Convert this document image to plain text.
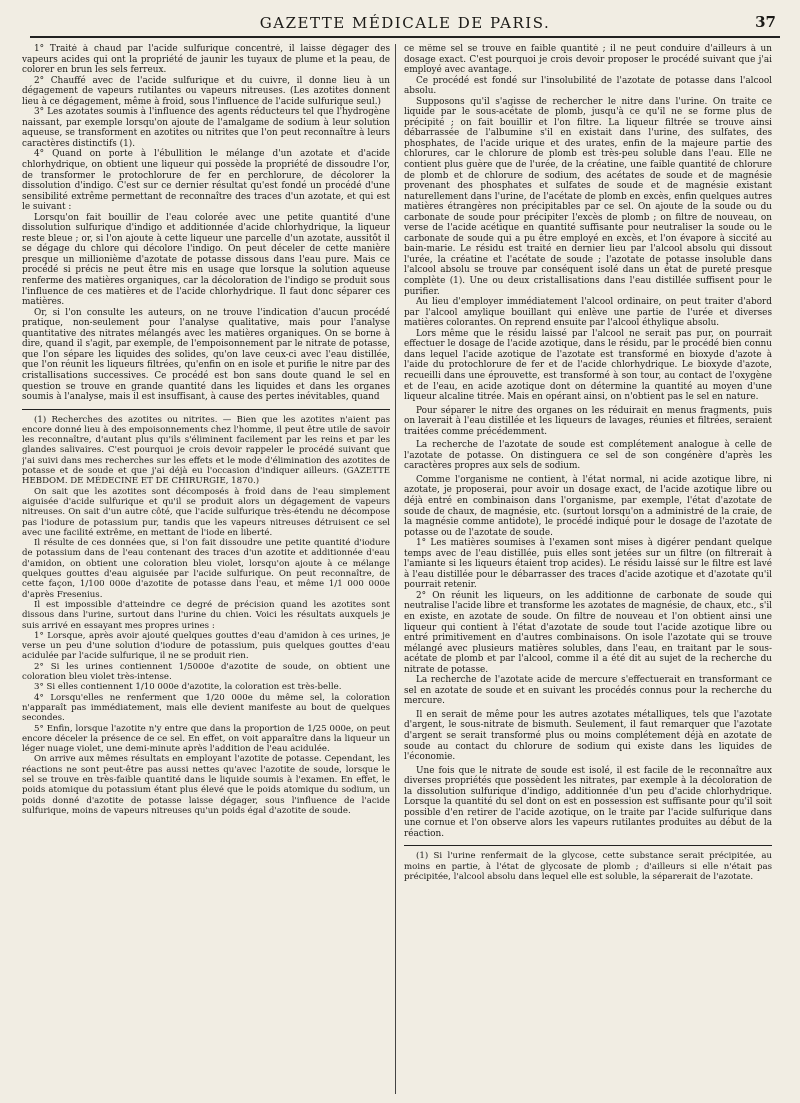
GAZETTE MÉDICALE DE PARIS.	37

1° Traité à chaud par l'acide sulfurique concentré, il laisse dégager des vapeurs acides qui ont la propriété de jaunir les tuyaux de plume et la peau, de colorer en brun les sels ferreux.

2° Chauffé avec de l'acide sulfurique et du cuivre, il donne lieu à un dégagement de vapeurs rutilantes ou vapeurs nitreuses. (Les azotites donnent lieu à ce dégagement, même à froid, sous l'influence de l'acide sulfurique seul.)

3° Les azotates soumis à l'influence des agents réducteurs tel que l'hydrogène naissant, par exemple lorsqu'on ajoute de l'amalgame de sodium à leur solution aqueuse, se transforment en azotites ou nitrites que l'on peut reconnaître à leurs caractères distinctifs (1).

4° Quand on porte à l'ébullition le mélange d'un azotate et d'acide chlorhydrique, on obtient une liqueur qui possède la propriété de dissoudre l'or, de transformer le protochlorure de fer en perchlorure, de décolorer la dissolution d'indigo. C'est sur ce dernier résultat qu'est fondé un procédé d'une sensibilité extrême permettant de reconnaître des traces d'un azotate, et qui est le suivant :

Lorsqu'on fait bouillir de l'eau colorée avec une petite quantité d'une dissolution sulfurique d'indigo et additionnée d'acide chlorhydrique, la liqueur reste bleue ; or, si l'on ajoute à cette liqueur une parcelle d'un azotate, aussitôt il se dégage du chlore qui décolore l'indigo. On peut déceler de cette manière presque un millionième d'azotate de potasse dissous dans l'eau pure. Mais ce procédé si précis ne peut être mis en usage que lorsque la solution aqueuse renferme des matières organiques, car la décoloration de l'indigo se produit sous l'influence de ces matières et de l'acide chlorhydrique. Il faut donc séparer ces matières.

Or, si l'on consulte les auteurs, on ne trouve l'indication d'aucun procédé pratique, non-seulement pour l'analyse qualitative, mais pour l'analyse quantitative des nitrates mélangés avec les matières organiques. On se borne à dire, quand il s'agit, par exemple, de l'empoisonnement par le nitrate de potasse, que l'on sépare les liquides des solides, qu'on lave ceux-ci avec l'eau distillée, que l'on réunit les liqueurs filtrées, qu'enfin on en isole et purifie le nitre par des cristallisations successives. Ce procédé est bon sans doute quand le sel en question se trouve en grande quantité dans les liquides et dans les organes soumis à l'analyse, mais il est insuffisant, à cause des pertes inévitables, quand

(1) Recherches des azotites ou nitrites. — Bien que les azotites n'aient pas encore donné lieu à des empoisonnements chez l'homme, il peut être utile de savoir les reconnaître, d'autant plus qu'ils s'éliminent facilement par les reins et par les glandes salivaires. C'est pourquoi je crois devoir rappeler le procédé suivant que j'ai suivi dans mes recherches sur les effets et le mode d'élimination des azotites de potasse et de soude et que j'ai déjà eu l'occasion d'indiquer ailleurs. (GAZETTE HEBDOM. DE MÉDECINE ET DE CHIRURGIE, 1870.)

On sait que les azotites sont décomposés à froid dans de l'eau simplement aiguisée d'acide sulfurique et qu'il se produit alors un dégagement de vapeurs nitreuses. On sait d'un autre côté, que l'acide sulfurique très-étendu ne décompose pas l'iodure de potassium pur, tandis que les vapeurs nitreuses détruisent ce sel avec une facilité extrême, en mettant de l'iode en liberté.

Il résulte de ces données que, si l'on fait dissoudre une petite quantité d'iodure de potassium dans de l'eau contenant des traces d'un azotite et additionnée d'eau d'amidon, on obtient une coloration bleu violet, lorsqu'on ajoute à ce mélange quelques gouttes d'eau aiguisée par l'acide sulfurique. On peut reconnaître, de cette façon, 1/100 000e d'azotite de potasse dans l'eau, et même 1/1 000 000e d'après Fresenius.

Il est impossible d'atteindre ce degré de précision quand les azotites sont dissous dans l'urine, surtout dans l'urine du chien. Voici les résultats auxquels je suis arrivé en essayant mes propres urines :

1° Lorsque, après avoir ajouté quelques gouttes d'eau d'amidon à ces urines, je verse un peu d'une solution d'iodure de potassium, puis quelques gouttes d'eau acidulée par l'acide sulfurique, il ne se produit rien.

2° Si les urines contiennent 1/5000e d'azotite de soude, on obtient une coloration bleu violet très-intense.

3° Si elles contiennent 1/10 000e d'azotite, la coloration est très-belle.

4° Lorsqu'elles ne renferment que 1/20 000e du même sel, la coloration n'apparaît pas immédiatement, mais elle devient manifeste au bout de quelques secondes.

5° Enfin, lorsque l'azotite n'y entre que dans la proportion de 1/25 000e, on peut encore déceler la présence de ce sel. En effet, on voit apparaître dans la liqueur un léger nuage violet, une demi-minute après l'addition de l'eau acidulée.

On arrive aux mêmes résultats en employant l'azotite de potasse. Cependant, les réactions ne sont peut-être pas aussi nettes qu'avec l'azotite de soude, lorsque le sel se trouve en très-faible quantité dans le liquide soumis à l'examen. En effet, le poids atomique du potassium étant plus élevé que le poids atomique du sodium, un poids donné d'azotite de potasse laisse dégager, sous l'influence de l'acide sulfurique, moins de vapeurs nitreuses qu'un poids égal d'azotite de soude.

ce même sel se trouve en faible quantité ; il ne peut conduire d'ailleurs à un dosage exact. C'est pourquoi je crois devoir proposer le procédé suivant que j'ai employé avec avantage.

Ce procédé est fondé sur l'insolubilité de l'azotate de potasse dans l'alcool absolu.

Supposons qu'il s'agisse de rechercher le nitre dans l'urine. On traite ce liquide par le sous-acétate de plomb, jusqu'à ce qu'il ne se forme plus de précipité ; on fait bouillir et l'on filtre. La liqueur filtrée se trouve ainsi débarrassée de l'albumine s'il en existait dans l'urine, des sulfates, des phosphates, de l'acide urique et des urates, enfin de la majeure partie des chlorures, car le chlorure de plomb est très-peu soluble dans l'eau. Elle ne contient plus guère que de l'urée, de la créatine, une faible quantité de chlorure de plomb et de chlorure de sodium, des acétates de soude et de magnésie provenant des phosphates et sulfates de soude et de magnésie existant naturellement dans l'urine, de l'acétate de plomb en excès, enfin quelques autres matières étrangères non précipitables par ce sel. On ajoute de la soude ou du carbonate de soude pour précipiter l'excès de plomb ; on filtre de nouveau, on verse de l'acide acétique en quantité suffisante pour neutraliser la soude ou le carbonate de soude qui a pu être employé en excès, et l'on évapore à siccité au bain-marie. Le résidu est traité en dernier lieu par l'alcool absolu qui dissout l'urée, la créatine et l'acétate de soude ; l'azotate de potasse insoluble dans l'alcool absolu se trouve par conséquent isolé dans un état de pureté presque complète (1). Une ou deux cristallisations dans l'eau distillée suffisent pour le purifier.

Au lieu d'employer immédiatement l'alcool ordinaire, on peut traiter d'abord par l'alcool amylique bouillant qui enlève une partie de l'urée et diverses matières colorantes. On reprend ensuite par l'alcool éthylique absolu.

Lors même que le résidu laissé par l'alcool ne serait pas pur, on pourrait effectuer le dosage de l'acide azotique, dans le résidu, par le procédé bien connu dans lequel l'acide azotique de l'azotate est transformé en bioxyde d'azote à l'aide du protochlorure de fer et de l'acide chlorhydrique. Le bioxyde d'azote, recueilli dans une éprouvette, est transformé à son tour, au contact de l'oxygène et de l'eau, en acide azotique dont on détermine la quantité au moyen d'une liqueur alcaline titrée. Mais en opérant ainsi, on n'obtient pas le sel en nature.

Pour séparer le nitre des organes on les réduirait en menus fragments, puis on laverait à l'eau distillée et les liqueurs de lavages, réunies et filtrées, seraient traitées comme précédemment.

La recherche de l'azotate de soude est complétement analogue à celle de l'azotate de potasse. On distinguera ce sel de son congénère d'après les caractères propres aux sels de sodium.

Comme l'organisme ne contient, à l'état normal, ni acide azotique libre, ni azotate, je proposerai, pour avoir un dosage exact, de l'acide azotique libre ou déjà entré en combinaison dans l'organisme, par exemple, l'état d'azotate de soude de chaux, de magnésie, etc. (surtout lorsqu'on a administré de la craie, de la magnésie comme antidote), le procédé indiqué pour le dosage de l'azotate de potasse ou de l'azotate de soude.

1° Les matières soumises à l'examen sont mises à digérer pendant quelque temps avec de l'eau distillée, puis elles sont jetées sur un filtre (on filtrerait à l'amiante si les liqueurs étaient trop acides). Le résidu laissé sur le filtre est lavé à l'eau distillée pour le débarrasser des traces d'acide azotique et d'azotate qu'il pourrait retenir.

2° On réunit les liqueurs, on les additionne de carbonate de soude qui neutralise l'acide libre et transforme les azotates de magnésie, de chaux, etc., s'il en existe, en azotate de soude. On filtre de nouveau et l'on obtient ainsi une liqueur qui contient à l'état d'azotate de soude tout l'acide azotique libre ou entré primitivement en d'autres combinaisons. On isole l'azotate qui se trouve mélangé avec plusieurs matières solubles, dans l'eau, en traitant par le sous-acétate de plomb et par l'alcool, comme il a été dit au sujet de la recherche du nitrate de potasse.

La recherche de l'azotate acide de mercure s'effectuerait en transformant ce sel en azotate de soude et en suivant les procédés connus pour la recherche du mercure.

Il en serait de même pour les autres azotates métalliques, tels que l'azotate d'argent, le sous-nitrate de bismuth. Seulement, il faut remarquer que l'azotate d'argent se serait transformé plus ou moins complétement déjà en azotate de soude au contact du chlorure de sodium qui existe dans les liquides de l'économie.

Une fois que le nitrate de soude est isolé, il est facile de le reconnaître aux diverses propriétés que possèdent les nitrates, par exemple à la décoloration de la dissolution sulfurique d'indigo, additionnée d'un peu d'acide chlorhydrique. Lorsque la quantité du sel dont on est en possession est suffisante pour qu'il soit possible d'en retirer de l'acide azotique, on le traite par l'acide sulfurique dans une cornue et l'on observe alors les vapeurs rutilantes produites au début de la réaction.

(1) Si l'urine renfermait de la glycose, cette substance serait précipitée, au moins en partie, à l'état de glycosate de plomb ; d'ailleurs si elle n'était pas précipitée, l'alcool absolu dans lequel elle est soluble, la séparerait de l'azotate.
